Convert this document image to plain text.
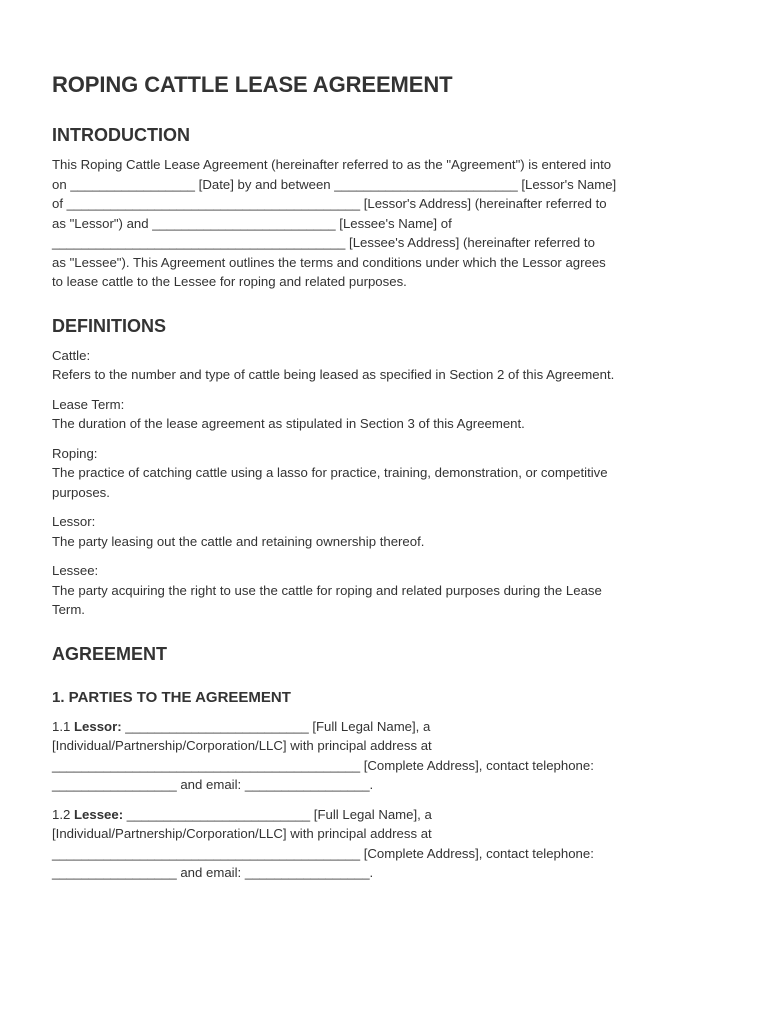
ROPING CATTLE LEASE AGREEMENT
INTRODUCTION

This Roping Cattle Lease Agreement (hereinafter referred to as the "Agreement") is entered into

on _________________ [Date] by and between _________________________ [Lessor's Name]

of ________________________________________ [Lessor's Address] (hereinafter referred to

as "Lessor") and _________________________ [Lessee's Name] of

________________________________________ [Lessee's Address] (hereinafter referred to

as "Lessee"). This Agreement outlines the terms and conditions under which the Lessor agrees

to lease cattle to the Lessee for roping and related purposes.

DEFINITIONS

Cattle:

Refers to the number and type of cattle being leased as specified in Section 2 of this Agreement.

Lease Term:

The duration of the lease agreement as stipulated in Section 3 of this Agreement.

Roping:

The practice of catching cattle using a lasso for practice, training, demonstration, or competitive

purposes.

Lessor:

The party leasing out the cattle and retaining ownership thereof.

Lessee:

The party acquiring the right to use the cattle for roping and related purposes during the Lease

Term.

AGREEMENT
1. PARTIES TO THE AGREEMENT

1.1 Lessor: _________________________ [Full Legal Name], a

[Individual/Partnership/Corporation/LLC] with principal address at

__________________________________________ [Complete Address], contact telephone:

_________________ and email: _________________.

1.2 Lessee: _________________________ [Full Legal Name], a

[Individual/Partnership/Corporation/LLC] with principal address at

__________________________________________ [Complete Address], contact telephone:

_________________ and email: _________________.
